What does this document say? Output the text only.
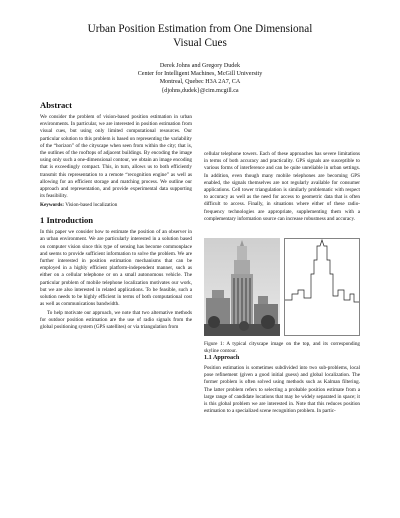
Urban Position Estimation from One Dimensional
Visual Cues
Derek Johns and Gregory Dudek
Center for Intelligent Machines, McGill University
Montreal, Quebec H3A 2A7, CA
{djohns,dudek}@cim.mcgill.ca
Abstract

We consider the problem of vision-based position estimation in urban environments. In particular, we are interested in position estimation from visual cues, but using only limited computational resources. Our particular solution to this problem is based on representing the variability of the “horizon” of the cityscape when seen from within the city; that is, the outlines of the rooftops of adjacent buildings. By encoding the image using only such a one-dimensional contour, we obtain an image encoding that is exceedingly compact. This, in turn, allows us to both efficiently transmit this representation to a remote “recognition engine” as well as allowing for an efficient storage and matching process. We outline our approach and representation, and provide experimental data supporting its feasibility.

Keywords: Vision-based localization

1 Introduction

In this paper we consider how to estimate the position of an observer in an urban environment. We are particularly interested in a solution based on computer vision since this type of sensing has become commonplace and seems to provide sufficient information to solve the problem. We are further interested in position estimation mechanisms that can be employed in a highly efficient platform-independent manner, such as either on a cellular telephone or on a small autonomous vehicle. The particular problem of mobile telephone localization motivates our work, but we are also interested in related applications. To be feasible, such a solution needs to be highly efficient in terms of both computational cost as well as communications bandwidth.

To help motivate our approach, we note that two alternative methods for outdoor position estimation are the use of radio signals from the global positioning system (GPS satellites) or via triangulation from

cellular telephone towers. Each of these approaches has severe limitations in terms of both accuracy and practicality. GPS signals are susceptible to various forms of interference and can be quite unreliable in urban settings. In addition, even though many mobile telephones are becoming GPS enabled, the signals themselves are not regularly available for consumer applications. Cell tower triangulation is similarly problematic with respect to accuracy as well as the need for access to geometric data that is often difficult to access. Finally, in situations where either of these radio-frequency technologies are appropriate, supplementing them with a complementary information source can increase robustness and accuracy.

Figure 1: A typical cityscape image on the top, and its corresponding skyline contour.
1.1 Approach

Position estimation is sometimes subdivided into two sub-problems, local pose refinement (given a good initial guess) and global localization. The former problem is often solved using methods such as Kalman filtering. The latter problem refers to selecting a probable position estimate from a large range of candidate locations that may be widely separated in space; it is this global problem we are interested in. Note that this reduces position estimation to a specialized scene recognition problem. In partic-
